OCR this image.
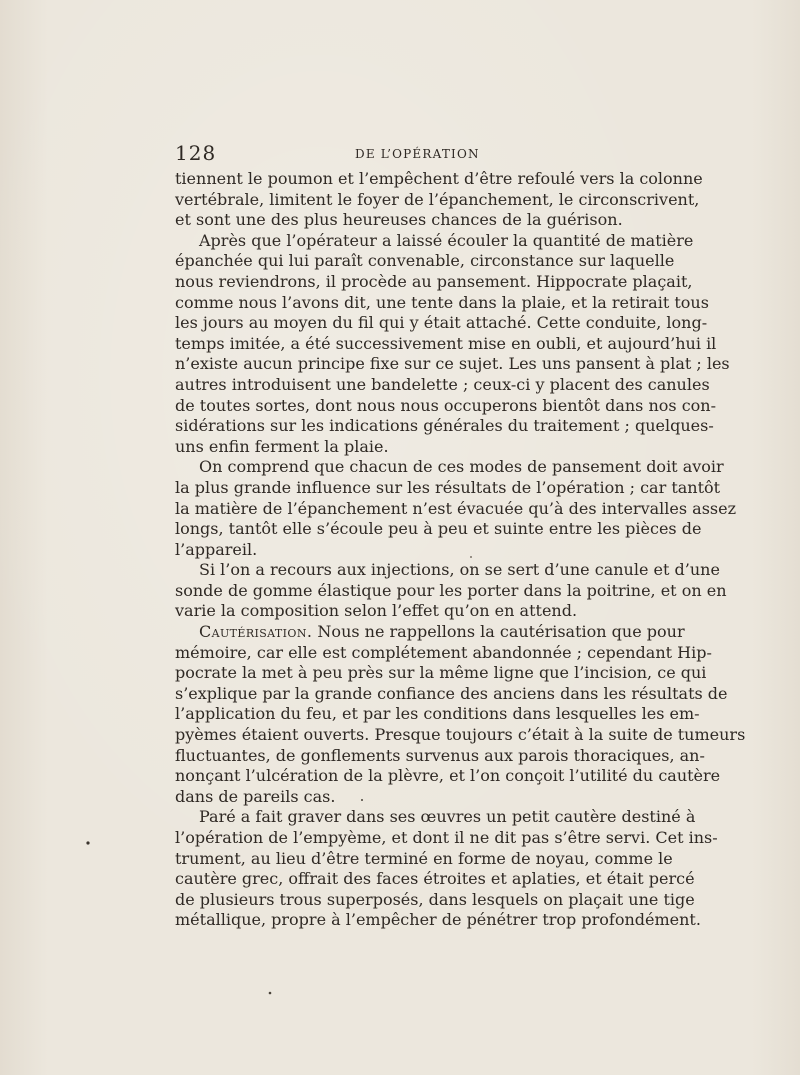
128	DE L’OPÉRATION
tiennent le poumon et l’empêchent d’être refoulé vers la colonne
vertébrale, limitent le foyer de l’épanchement, le circonscrivent,
et sont une des plus heureuses chances de la guérison.
Après que l’opérateur a laissé écouler la quantité de matière
épanchée qui lui paraît convenable, circonstance sur laquelle
nous reviendrons, il procède au pansement. Hippocrate plaçait,
comme nous l’avons dit, une tente dans la plaie, et la retirait tous
les jours au moyen du fil qui y était attaché. Cette conduite, long-
temps imitée, a été successivement mise en oubli, et aujourd’hui il
n’existe aucun principe fixe sur ce sujet. Les uns pansent à plat ; les
autres introduisent une bandelette ; ceux-ci y placent des canules
de toutes sortes, dont nous nous occuperons bientôt dans nos con-
sidérations sur les indications générales du traitement ; quelques-
uns enfin ferment la plaie.
On comprend que chacun de ces modes de pansement doit avoir
la plus grande influence sur les résultats de l’opération ; car tantôt
la matière de l’épanchement n’est évacuée qu’à des intervalles assez
longs, tantôt elle s’écoule peu à peu et suinte entre les pièces de
l’appareil.
Si l’on a recours aux injections, on se sert d’une canule et d’une
sonde de gomme élastique pour les porter dans la poitrine, et on en
varie la composition selon l’effet qu’on en attend.
Cautérisation. Nous ne rappellons la cautérisation que pour
mémoire, car elle est complétement abandonnée ; cependant Hip-
pocrate la met à peu près sur la même ligne que l’incision, ce qui
s’explique par la grande confiance des anciens dans les résultats de
l’application du feu, et par les conditions dans lesquelles les em-
pyèmes étaient ouverts. Presque toujours c’était à la suite de tumeurs
fluctuantes, de gonflements survenus aux parois thoraciques, an-
nonçant l’ulcération de la plèvre, et l’on conçoit l’utilité du cautère
dans de pareils cas.
Paré a fait graver dans ses œuvres un petit cautère destiné à
l’opération de l’empyème, et dont il ne dit pas s’être servi. Cet ins-
trument, au lieu d’être terminé en forme de noyau, comme le
cautère grec, offrait des faces étroites et aplaties, et était percé
de plusieurs trous superposés, dans lesquels on plaçait une tige
métallique, propre à l’empêcher de pénétrer trop profondément.
